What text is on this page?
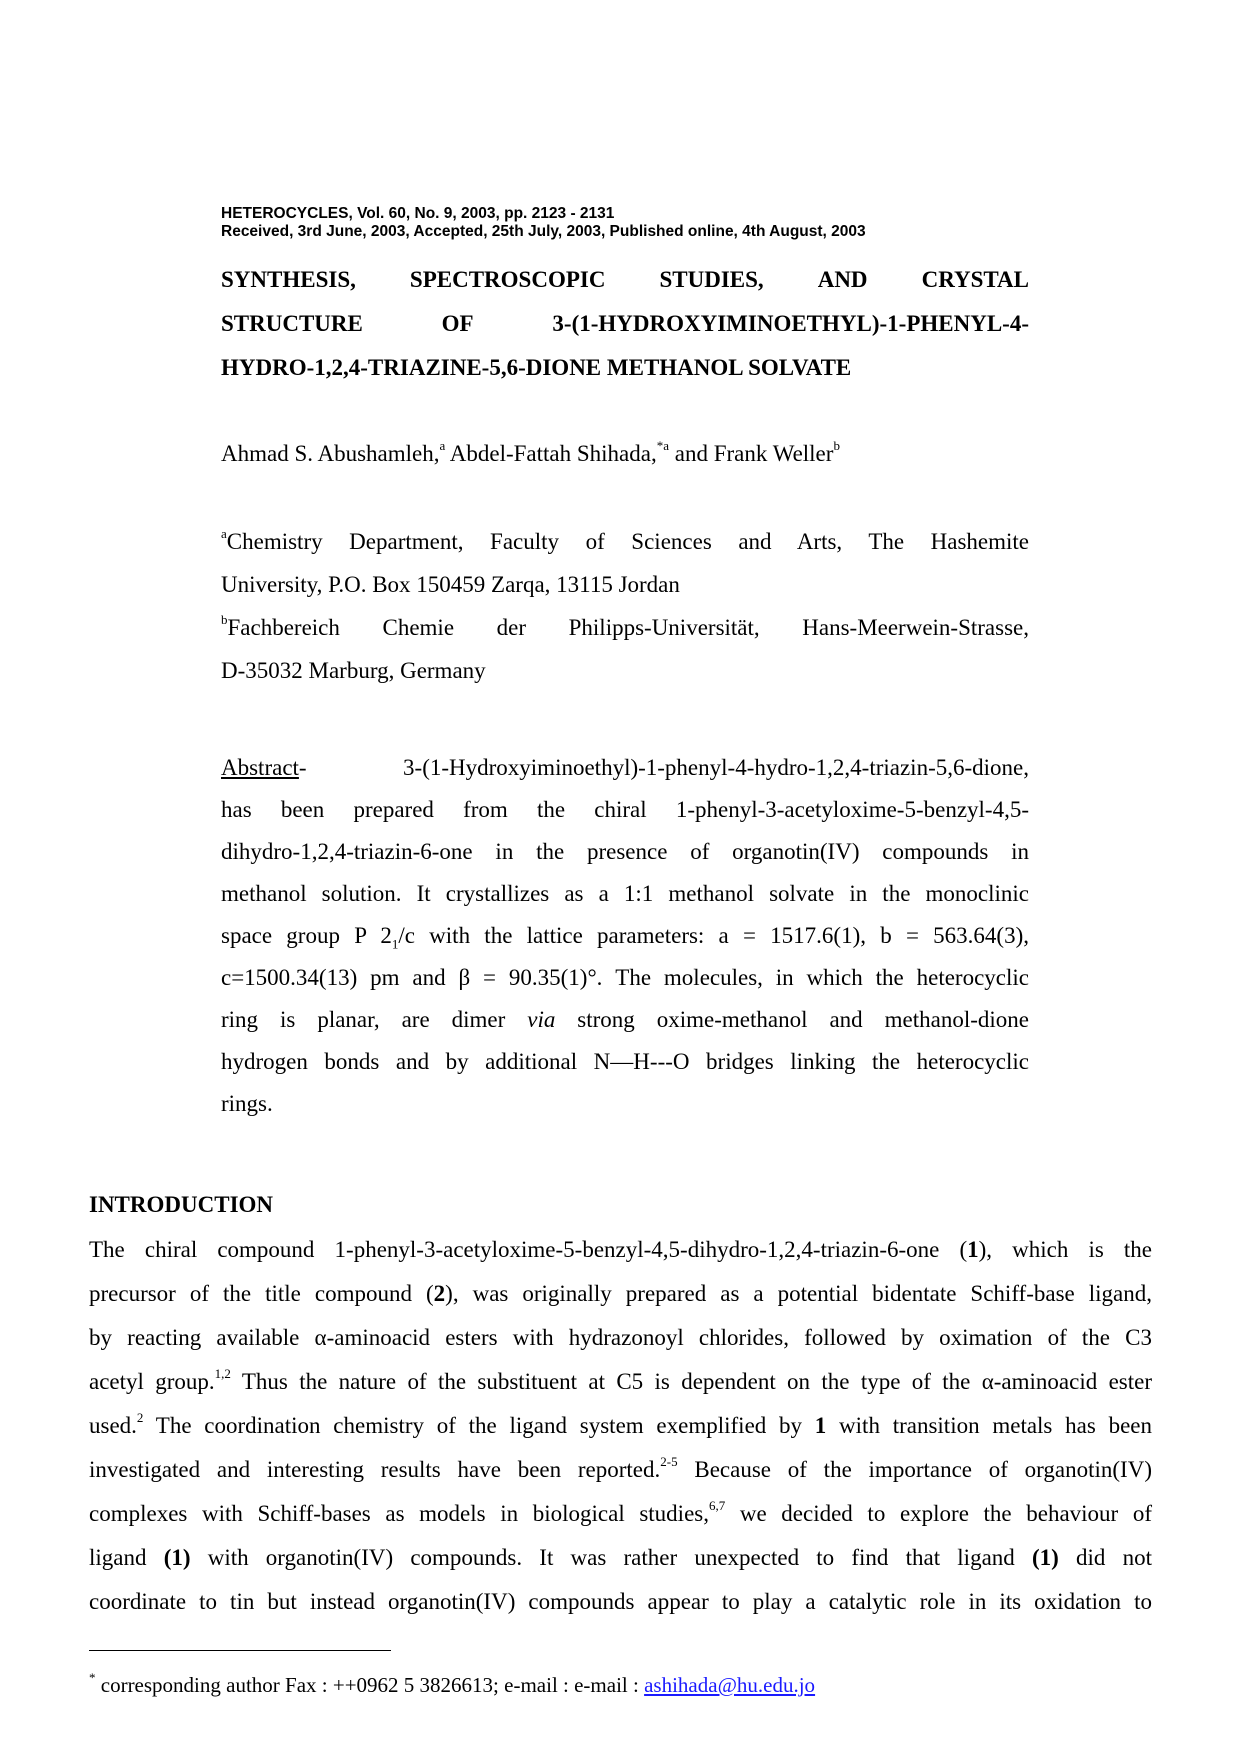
HETEROCYCLES, Vol. 60, No. 9, 2003, pp. 2123 - 2131
Received, 3rd June, 2003, Accepted, 25th July, 2003, Published online, 4th August, 2003
SYNTHESIS, SPECTROSCOPIC STUDIES, AND CRYSTAL
STRUCTURE	OF	3-(1-HYDROXYIMINOETHYL)-1-PHENYL-4-
HYDRO-1,2,4-TRIAZINE-5,6-DIONE METHANOL SOLVATE
Ahmad S. Abushamleh,$^a$ Abdel-Fattah Shihada,$^{*a}$ and Frank Weller$^b$
$^a$Chemistry Department, Faculty of Sciences and Arts, The Hashemite
University, P.O. Box 150459 Zarqa, 13115 Jordan
$^b$Fachbereich Chemie der Philipps-Universität, Hans-Meerwein-Strasse,
D-35032 Marburg, Germany
Abstract- 3-(1-Hydroxyiminoethyl)-1-phenyl-4-hydro-1,2,4-triazin-5,6-dione,
has been prepared from the chiral 1-phenyl-3-acetyloxime-5-benzyl-4,5-
dihydro-1,2,4-triazin-6-one in the presence of organotin(IV) compounds in
methanol solution. It crystallizes as a 1:1 methanol solvate in the monoclinic
space group P $2_1/c$ with the lattice parameters: a = 1517.6(1), b = 563.64(3),
c=1500.34(13) pm and β = 90.35(1)°. The molecules, in which the heterocyclic
ring is planar, are dimer via strong oxime-methanol and methanol-dione
hydrogen bonds and by additional N―H---O bridges linking the heterocyclic
rings.
INTRODUCTION
The chiral compound 1-phenyl-3-acetyloxime-5-benzyl-4,5-dihydro-1,2,4-triazin-6-one (1), which is the
precursor of the title compound (2), was originally prepared as a potential bidentate Schiff-base ligand,
by reacting available α-aminoacid esters with hydrazonoyl chlorides, followed by oximation of the C3
acetyl group.$^{1,2}$ Thus the nature of the substituent at C5 is dependent on the type of the α-aminoacid ester
used.$^2$ The coordination chemistry of the ligand system exemplified by 1 with transition metals has been
investigated and interesting results have been reported.$^{2-5}$ Because of the importance of organotin(IV)
complexes with Schiff-bases as models in biological studies,$^{6,7}$ we decided to explore the behaviour of
ligand (1) with organotin(IV) compounds. It was rather unexpected to find that ligand (1) did not
coordinate to tin but instead organotin(IV) compounds appear to play a catalytic role in its oxidation to
* corresponding author Fax : ++0962 5 3826613; e-mail : e-mail : ashihada@hu.edu.jo
